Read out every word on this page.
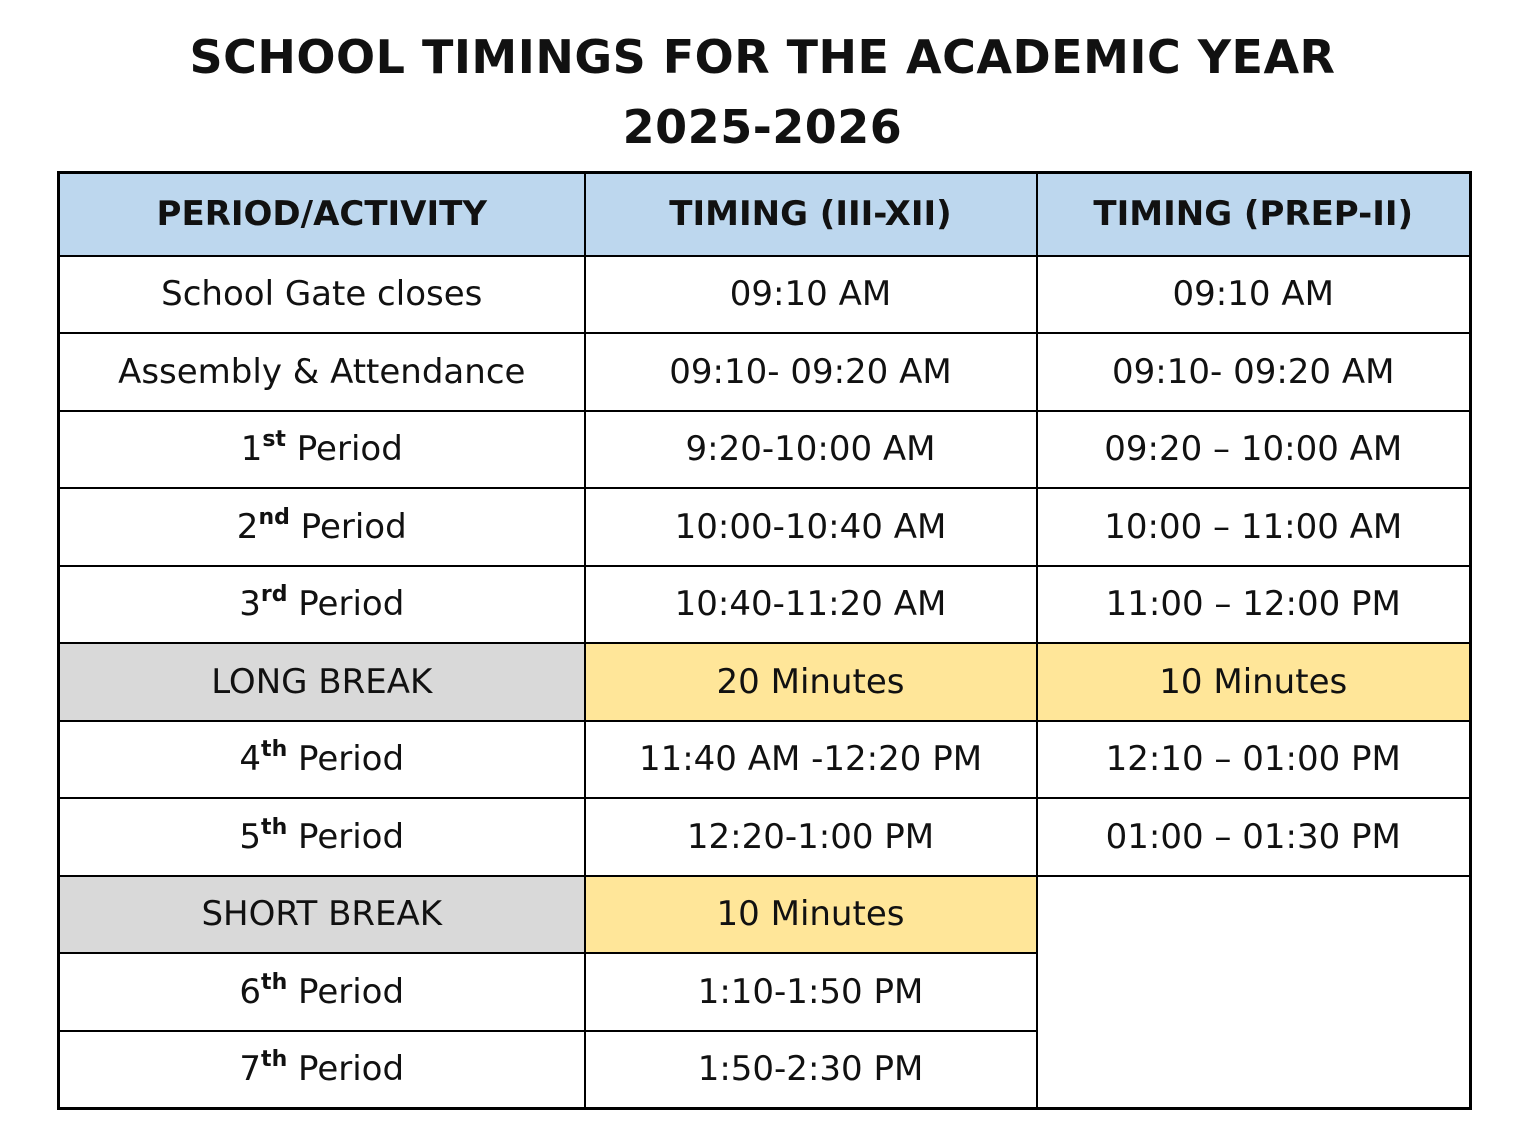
SCHOOL TIMINGS FOR THE ACADEMIC YEAR
2025-2026
PERIOD/ACTIVITY	TIMING (III-XII)	TIMING (PREP-II)
School Gate closes	09:10 AM	09:10 AM
Assembly & Attendance	09:10- 09:20 AM	09:10- 09:20 AM
1st Period	9:20-10:00 AM	09:20 – 10:00 AM
2nd Period	10:00-10:40 AM	10:00 – 11:00 AM
3rd Period	10:40-11:20 AM	11:00 – 12:00 PM
LONG BREAK	20 Minutes	10 Minutes
4th Period	11:40 AM -12:20 PM	12:10 – 01:00 PM
5th Period	12:20-1:00 PM	01:00 – 01:30 PM
SHORT BREAK	10 Minutes	
6th Period	1:10-1:50 PM	
7th Period	1:50-2:30 PM	
